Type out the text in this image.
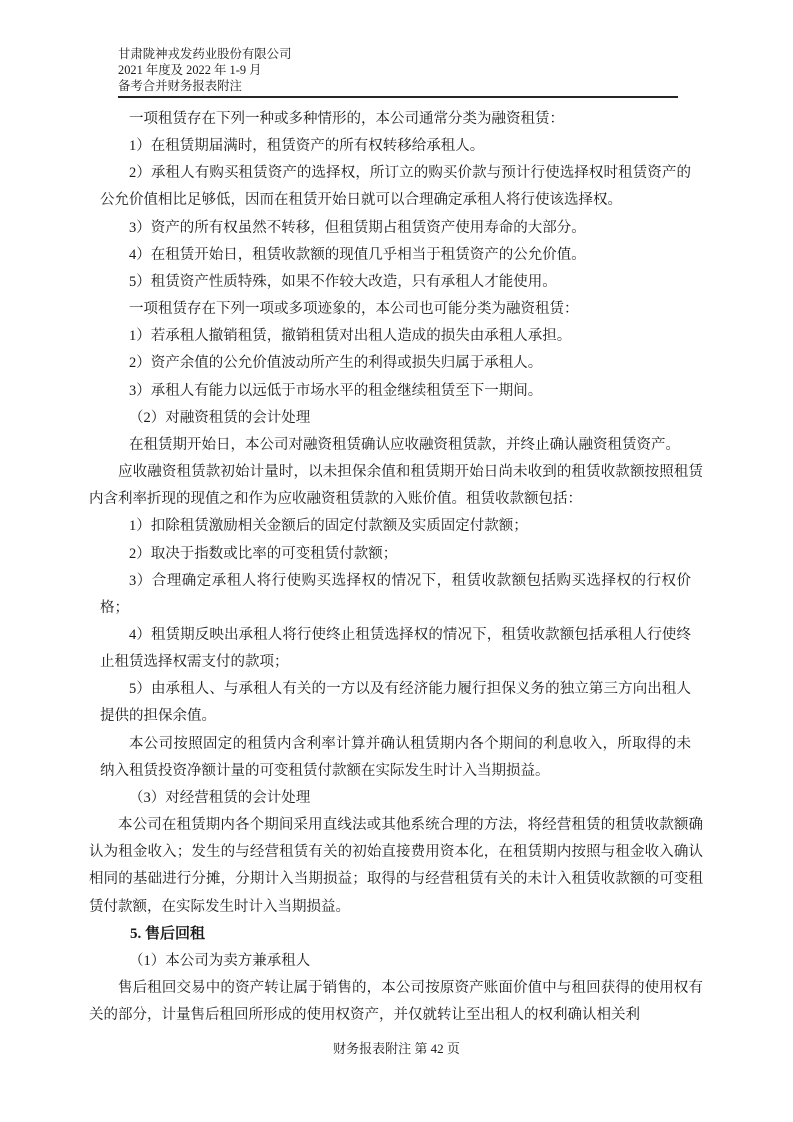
甘肃陇神戎发药业股份有限公司
2021 年度及 2022 年 1-9 月
备考合并财务报表附注

一项租赁存在下列一种或多种情形的，本公司通常分类为融资租赁：

1）在租赁期届满时，租赁资产的所有权转移给承租人。

2）承租人有购买租赁资产的选择权，所订立的购买价款与预计行使选择权时租赁资产的公允价值相比足够低，因而在租赁开始日就可以合理确定承租人将行使该选择权。

3）资产的所有权虽然不转移，但租赁期占租赁资产使用寿命的大部分。

4）在租赁开始日，租赁收款额的现值几乎相当于租赁资产的公允价值。

5）租赁资产性质特殊，如果不作较大改造，只有承租人才能使用。

一项租赁存在下列一项或多项迹象的，本公司也可能分类为融资租赁：

1）若承租人撤销租赁，撤销租赁对出租人造成的损失由承租人承担。

2）资产余值的公允价值波动所产生的利得或损失归属于承租人。

3）承租人有能力以远低于市场水平的租金继续租赁至下一期间。

（2）对融资租赁的会计处理

在租赁期开始日，本公司对融资租赁确认应收融资租赁款，并终止确认融资租赁资产。

应收融资租赁款初始计量时，以未担保余值和租赁期开始日尚未收到的租赁收款额按照租赁内含利率折现的现值之和作为应收融资租赁款的入账价值。租赁收款额包括：

1）扣除租赁激励相关金额后的固定付款额及实质固定付款额；

2）取决于指数或比率的可变租赁付款额；

3）合理确定承租人将行使购买选择权的情况下，租赁收款额包括购买选择权的行权价格；

4）租赁期反映出承租人将行使终止租赁选择权的情况下，租赁收款额包括承租人行使终止租赁选择权需支付的款项；

5）由承租人、与承租人有关的一方以及有经济能力履行担保义务的独立第三方向出租人提供的担保余值。

本公司按照固定的租赁内含利率计算并确认租赁期内各个期间的利息收入，所取得的未纳入租赁投资净额计量的可变租赁付款额在实际发生时计入当期损益。

（3）对经营租赁的会计处理

本公司在租赁期内各个期间采用直线法或其他系统合理的方法，将经营租赁的租赁收款额确认为租金收入；发生的与经营租赁有关的初始直接费用资本化，在租赁期内按照与租金收入确认相同的基础进行分摊，分期计入当期损益；取得的与经营租赁有关的未计入租赁收款额的可变租赁付款额，在实际发生时计入当期损益。

5. 售后回租

（1）本公司为卖方兼承租人

售后租回交易中的资产转让属于销售的，本公司按原资产账面价值中与租回获得的使用权有关的部分，计量售后租回所形成的使用权资产，并仅就转让至出租人的权利确认相关利

财务报表附注 第 42 页
